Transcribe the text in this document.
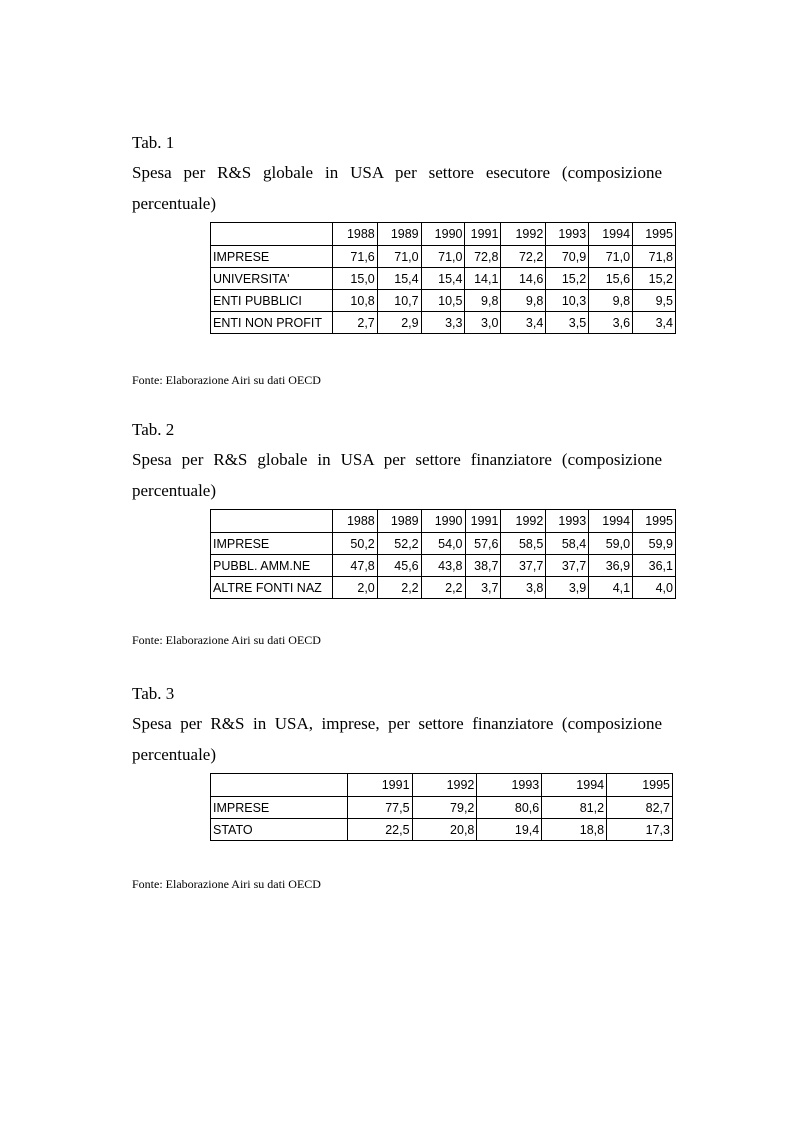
Tab. 1
Spesa per R&S globale in USA per settore esecutore (composizione
percentuale)
	1988	1989	1990	1991	1992	1993	1994	1995
IMPRESE	71,6	71,0	71,0	72,8	72,2	70,9	71,0	71,8
UNIVERSITA'	15,0	15,4	15,4	14,1	14,6	15,2	15,6	15,2
ENTI PUBBLICI	10,8	10,7	10,5	9,8	9,8	10,3	9,8	9,5
ENTI NON PROFIT	2,7	2,9	3,3	3,0	3,4	3,5	3,6	3,4
Fonte: Elaborazione Airi su dati OECD
Tab. 2
Spesa per R&S globale in USA per settore finanziatore (composizione
percentuale)
	1988	1989	1990	1991	1992	1993	1994	1995
IMPRESE	50,2	52,2	54,0	57,6	58,5	58,4	59,0	59,9
PUBBL. AMM.NE	47,8	45,6	43,8	38,7	37,7	37,7	36,9	36,1
ALTRE FONTI NAZ	2,0	2,2	2,2	3,7	3,8	3,9	4,1	4,0
Fonte: Elaborazione Airi su dati OECD
Tab. 3
Spesa per R&S in USA, imprese, per settore finanziatore (composizione
percentuale)
	1991	1992	1993	1994	1995
IMPRESE	77,5	79,2	80,6	81,2	82,7
STATO	22,5	20,8	19,4	18,8	17,3
Fonte: Elaborazione Airi su dati OECD
